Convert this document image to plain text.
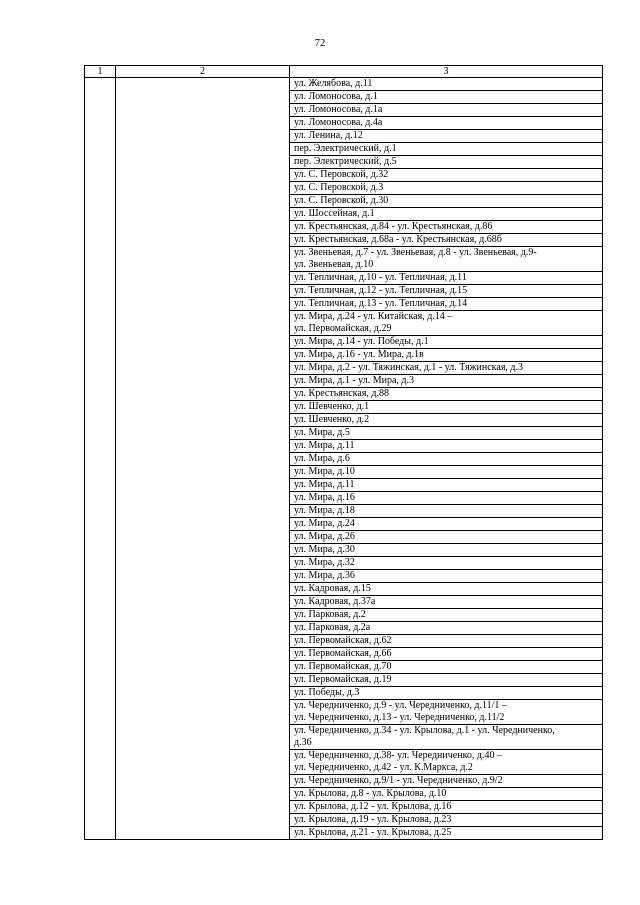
72
1	2	3
		ул. Желябова, д.11
		ул. Ломоносова, д.1
		ул. Ломоносова, д.1а
		ул. Ломоносова, д.4а
		ул. Ленина, д.12
		пер. Электрический, д.1
		пер. Электрический, д.5
		ул. С. Перовской, д.32
		ул. С. Перовской, д.3
		ул. С. Перовской, д.30
		ул. Шоссейная, д.1
		ул. Крестьянская, д.84 - ул. Крестьянская, д.86
		ул. Крестьянская, д.68а - ул. Крестьянская, д.68б
		ул. Звеньевая, д.7 - ул. Звеньевая, д.8 - ул. Звеньевая, д.9-
ул. Звеньевая, д.10
		ул. Тепличная, д.10 - ул. Тепличная, д.11
		ул. Тепличная, д.12 - ул. Тепличная, д.15
		ул. Тепличная, д.13 - ул. Тепличная, д.14
		ул. Мира, д.24 - ул. Китайская, д.14 –
ул. Первомайская, д.29
		ул. Мира, д.14 - ул. Победы, д.1
		ул. Мира, д.16 - ул. Мира, д.1в
		ул. Мира, д.2 - ул. Тяжинская, д.1 - ул. Тяжинская, д.3
		ул. Мира, д.1 - ул. Мира, д.3
		ул. Крестьянская, д.88
		ул. Шевченко, д.1
		ул. Шевченко, д.2
		ул. Мира, д.5
		ул. Мира, д.11
		ул. Мира, д.6
		ул. Мира, д.10
		ул. Мира, д.11
		ул. Мира, д.16
		ул. Мира, д.18
		ул. Мира, д.24
		ул. Мира, д.26
		ул. Мира, д.30
		ул. Мира, д.32
		ул. Мира, д.36
		ул. Кадровая, д.15
		ул. Кадровая, д.37а
		ул. Парковая, д.2
		ул. Парковая, д.2а
		ул. Первомайская, д.62
		ул. Первомайская, д.66
		ул. Первомайская, д.70
		ул. Первомайская, д.19
		ул. Победы, д.3
		ул. Чередниченко, д.9 - ул. Чередниченко, д.11/1 –
ул. Чередниченко, д.13 - ул. Чередниченко, д.11/2
		ул. Чередниченко, д.34 - ул. Крылова, д.1 - ул. Чередниченко,
д.36
		ул. Чередниченко, д.38- ул. Чередниченко, д.40 –
ул. Чередниченко, д.42 - ул. К.Маркса, д.2
		ул. Чередниченко, д.9/1 - ул. Чередниченко, д.9/2
		ул. Крылова, д.8 - ул. Крылова, д.10
		ул. Крылова, д.12 - ул. Крылова, д.16
		ул. Крылова, д.19 - ул. Крылова, д.23
		ул. Крылова, д.21 - ул. Крылова, д.25
